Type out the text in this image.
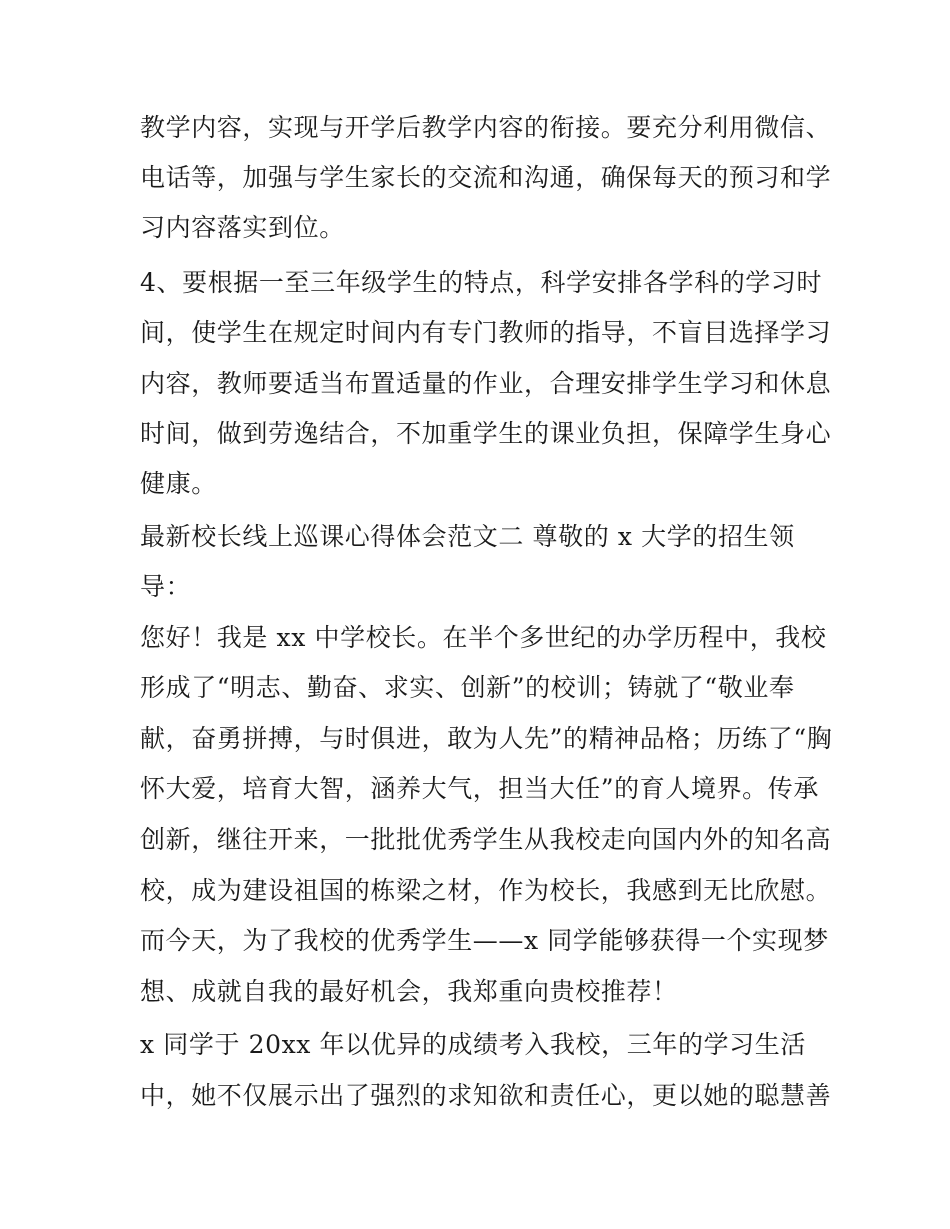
教学内容，实现与开学后教学内容的衔接。要充分利用微信、
电话等，加强与学生家长的交流和沟通，确保每天的预习和学
习内容落实到位。
4、要根据一至三年级学生的特点，科学安排各学科的学习时
间，使学生在规定时间内有专门教师的指导，不盲目选择学习
内容，教师要适当布置适量的作业，合理安排学生学习和休息
时间，做到劳逸结合，不加重学生的课业负担，保障学生身心
健康。
最新校长线上巡课心得体会范文二 尊敬的 x 大学的招生领
导：
您好！我是 xx 中学校长。在半个多世纪的办学历程中，我校
形成了“明志、勤奋、求实、创新”的校训；铸就了“敬业奉
献，奋勇拼搏，与时俱进，敢为人先”的精神品格；历练了“胸
怀大爱，培育大智，涵养大气，担当大任”的育人境界。传承
创新，继往开来，一批批优秀学生从我校走向国内外的知名高
校，成为建设祖国的栋梁之材，作为校长，我感到无比欣慰。
而今天，为了我校的优秀学生——x 同学能够获得一个实现梦
想、成就自我的最好机会，我郑重向贵校推荐！
x 同学于 20xx 年以优异的成绩考入我校，三年的学习生活
中，她不仅展示出了强烈的求知欲和责任心，更以她的聪慧善
